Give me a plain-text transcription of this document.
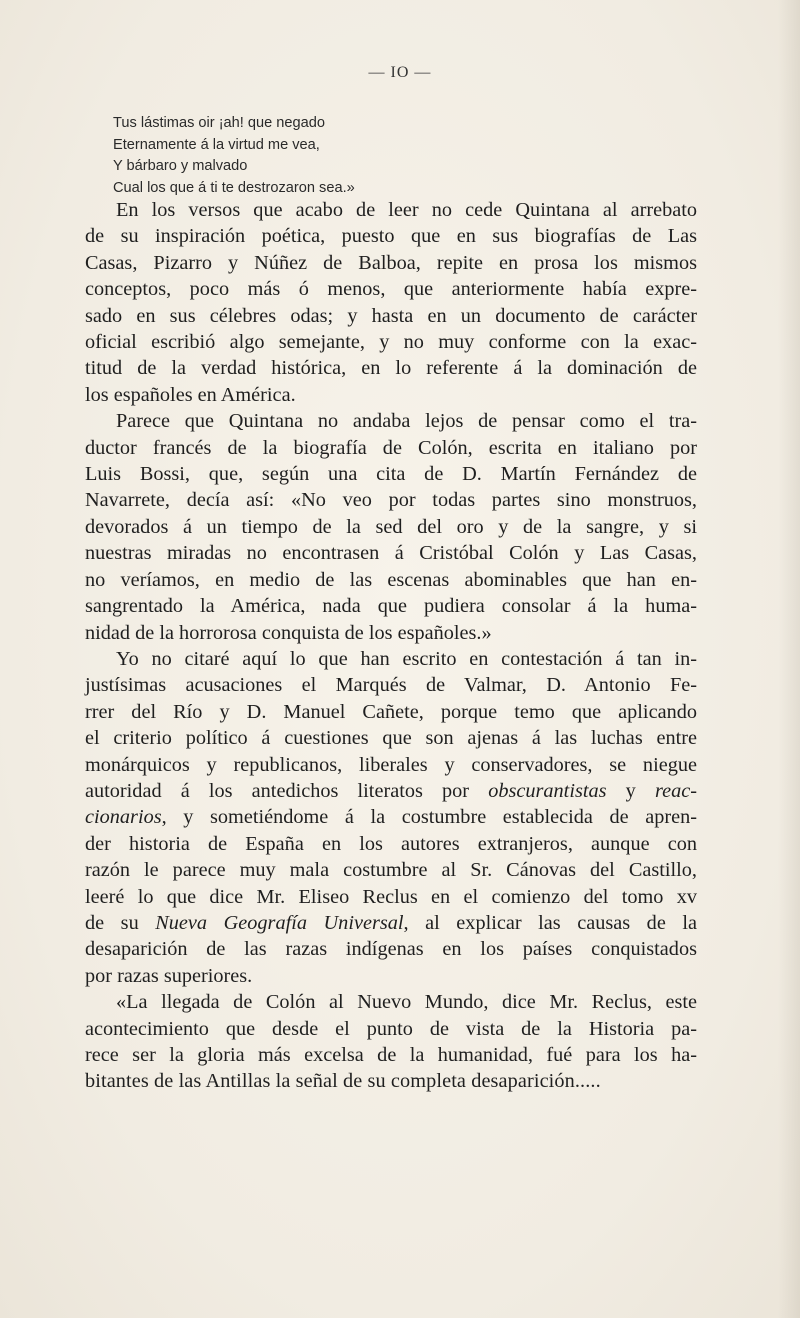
— IO —
Tus lástimas oir ¡ah! que negado
Eternamente á la virtud me vea,
Y bárbaro y malvado
Cual los que á ti te destrozaron sea.»
En los versos que acabo de leer no cede Quintana al arrebato
de su inspiración poética, puesto que en sus biografías de Las
Casas, Pizarro y Núñez de Balboa, repite en prosa los mismos
conceptos, poco más ó menos, que anteriormente había expre-
sado en sus célebres odas; y hasta en un documento de carácter
oficial escribió algo semejante, y no muy conforme con la exac-
titud de la verdad histórica, en lo referente á la dominación de
los españoles en América.
Parece que Quintana no andaba lejos de pensar como el tra-
ductor francés de la biografía de Colón, escrita en italiano por
Luis Bossi, que, según una cita de D. Martín Fernández de
Navarrete, decía así: «No veo por todas partes sino monstruos,
devorados á un tiempo de la sed del oro y de la sangre, y si
nuestras miradas no encontrasen á Cristóbal Colón y Las Casas,
no veríamos, en medio de las escenas abominables que han en-
sangrentado la América, nada que pudiera consolar á la huma-
nidad de la horrorosa conquista de los españoles.»
Yo no citaré aquí lo que han escrito en contestación á tan in-
justísimas acusaciones el Marqués de Valmar, D. Antonio Fe-
rrer del Río y D. Manuel Cañete, porque temo que aplicando
el criterio político á cuestiones que son ajenas á las luchas entre
monárquicos y republicanos, liberales y conservadores, se niegue
autoridad á los antedichos literatos por obscurantistas y reac-
cionarios, y sometiéndome á la costumbre establecida de apren-
der historia de España en los autores extranjeros, aunque con
razón le parece muy mala costumbre al Sr. Cánovas del Castillo,
leeré lo que dice Mr. Eliseo Reclus en el comienzo del tomo xv
de su Nueva Geografía Universal, al explicar las causas de la
desaparición de las razas indígenas en los países conquistados
por razas superiores.
«La llegada de Colón al Nuevo Mundo, dice Mr. Reclus, este
acontecimiento que desde el punto de vista de la Historia pa-
rece ser la gloria más excelsa de la humanidad, fué para los ha-
bitantes de las Antillas la señal de su completa desaparición.....
